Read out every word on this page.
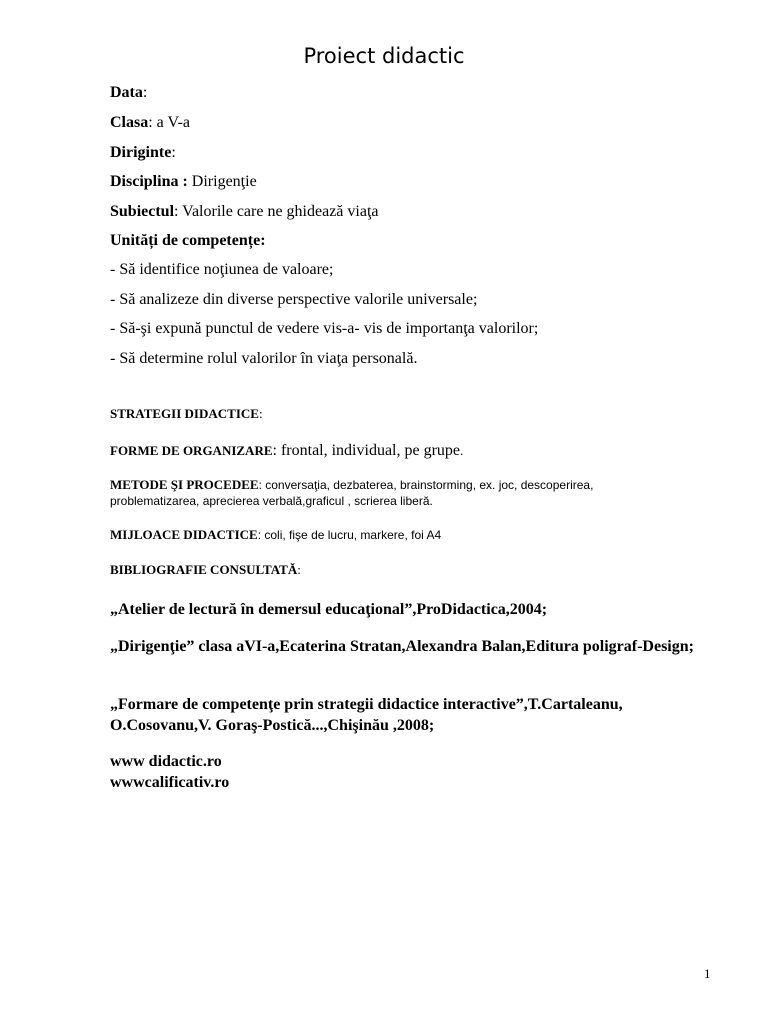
Proiect didactic
Data:
Clasa: a V-a
Diriginte:
Disciplina : Dirigenţie
Subiectul: Valorile care ne ghidează viaţa
Unități de competențe:
- Să identifice noţiunea de valoare;
- Să analizeze din diverse perspective valorile universale;
- Să-şi expună punctul de vedere vis-a- vis de importanţa valorilor;
- Să determine rolul valorilor în viaţa personală.
STRATEGII DIDACTICE:
FORME DE ORGANIZARE: frontal, individual, pe grupe.
METODE ŞI PROCEDEE: conversaţia, dezbaterea, brainstorming, ex. joc, descoperirea,
problematizarea, aprecierea verbală,graficul , scrierea liberă.
MIJLOACE DIDACTICE: coli, fişe de lucru, markere, foi A4
BIBLIOGRAFIE CONSULTATĂ:
„Atelier de lectură în demersul educaţional”,ProDidactica,2004;
„Dirigenţie” clasa aVI-a,Ecaterina Stratan,Alexandra Balan,Editura poligraf-Design;
„Formare de competenţe prin strategii didactice interactive”,T.Cartaleanu, O.Cosovanu,V. Goraş-Postică...,Chişinău ,2008;
www didactic.ro
wwwcalificativ.ro
1
